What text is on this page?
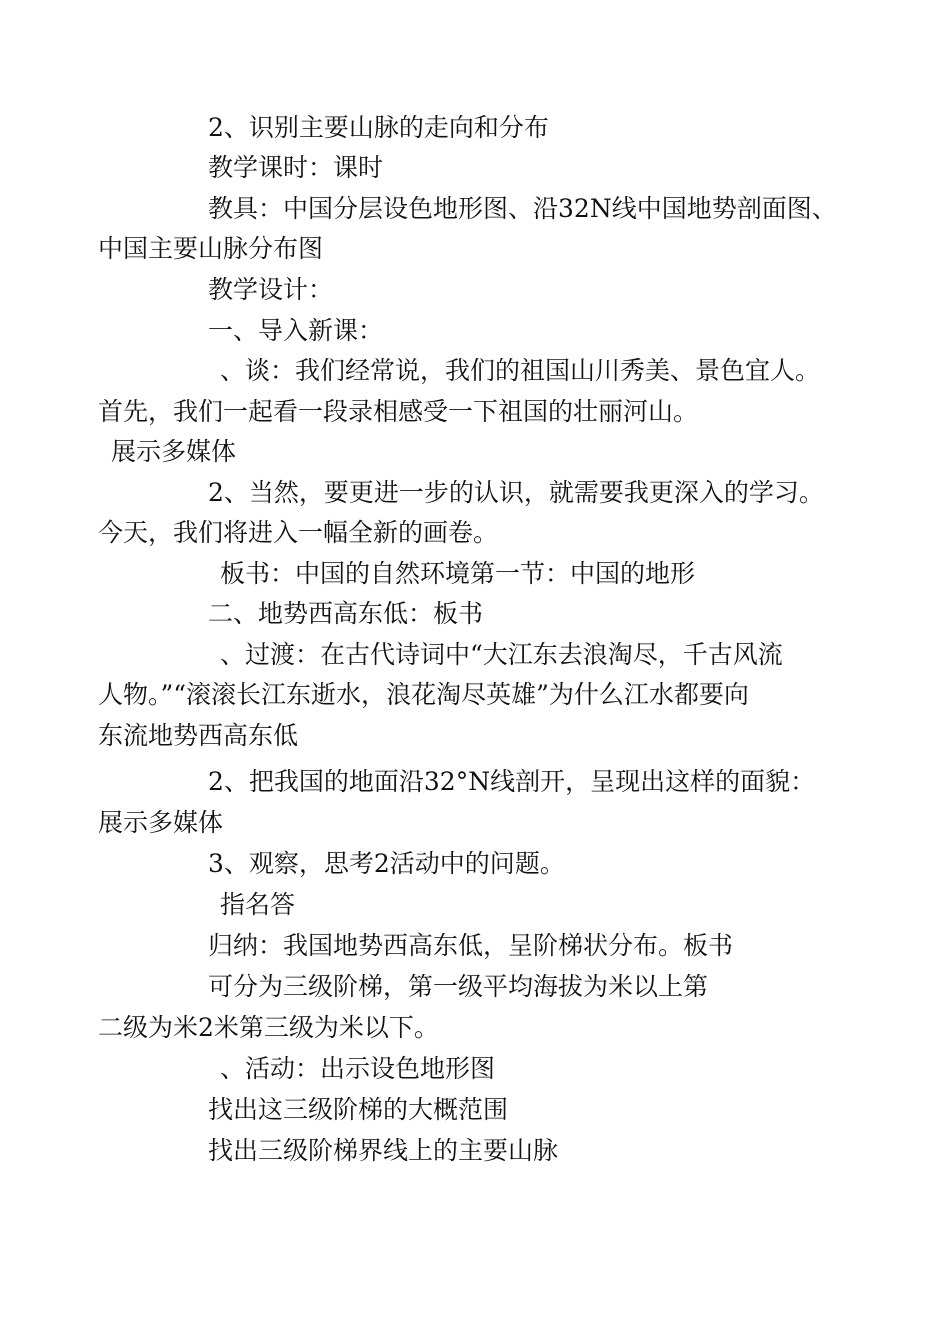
2、识别主要山脉的走向和分布
教学课时：课时
教具：中国分层设色地形图、沿32N线中国地势剖面图、
中国主要山脉分布图
教学设计：
一、导入新课：
、谈：我们经常说，我们的祖国山川秀美、景色宜人。
首先，我们一起看一段录相感受一下祖国的壮丽河山。
展示多媒体
2、当然，要更进一步的认识，就需要我更深入的学习。
今天，我们将进入一幅全新的画卷。
板书：中国的自然环境第一节：中国的地形
二、地势西高东低：板书
、过渡：在古代诗词中“大江东去浪淘尽，千古风流
人物。”“滚滚长江东逝水，浪花淘尽英雄”为什么江水都要向
东流地势西高东低
2、把我国的地面沿32°N线剖开，呈现出这样的面貌：
展示多媒体
3、观察，思考2活动中的问题。
指名答
归纳：我国地势西高东低，呈阶梯状分布。板书
可分为三级阶梯，第一级平均海拔为米以上第
二级为米2米第三级为米以下。
、活动：出示设色地形图
找出这三级阶梯的大概范围
找出三级阶梯界线上的主要山脉
